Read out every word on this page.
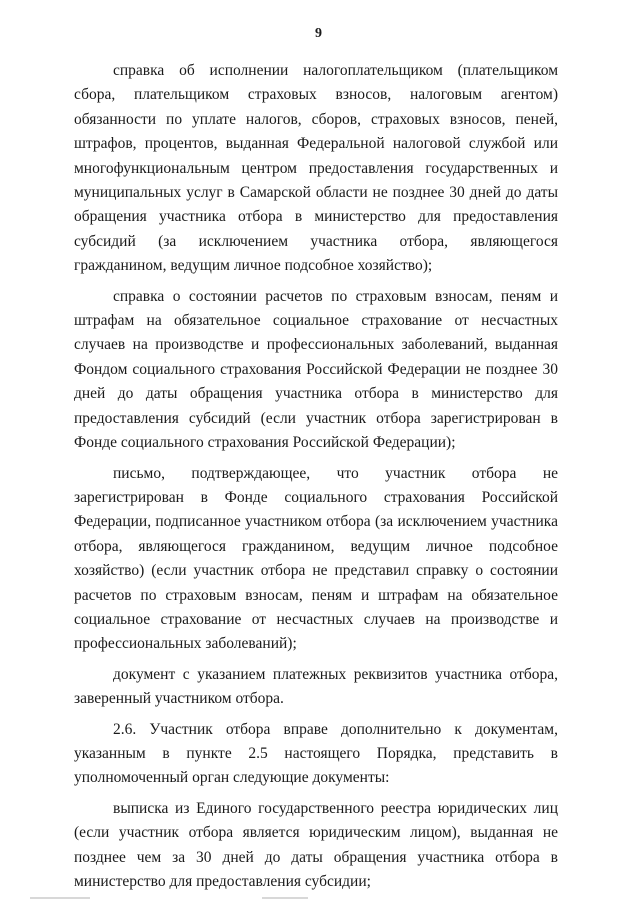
9

справка об исполнении налогоплательщиком (плательщиком сбора, плательщиком страховых взносов, налоговым агентом) обязанности по уплате налогов, сборов, страховых взносов, пеней, штрафов, процентов, выданная Федеральной налоговой службой или многофункциональным центром предоставления государственных и муниципальных услуг в Самарской области не позднее 30 дней до даты обращения участника отбора в министерство для предоставления субсидий (за исключением участника отбора, являющегося гражданином, ведущим личное подсобное хозяйство);

справка о состоянии расчетов по страховым взносам, пеням и штрафам на обязательное социальное страхование от несчастных случаев на производстве и профессиональных заболеваний, выданная Фондом социального страхования Российской Федерации не позднее 30 дней до даты обращения участника отбора в министерство для предоставления субсидий (если участник отбора зарегистрирован в Фонде социального страхования Российской Федерации);

письмо, подтверждающее, что участник отбора не зарегистрирован в Фонде социального страхования Российской Федерации, подписанное участником отбора (за исключением участника отбора, являющегося гражданином, ведущим личное подсобное хозяйство) (если участник отбора не представил справку о состоянии расчетов по страховым взносам, пеням и штрафам на обязательное социальное страхование от несчастных случаев на производстве и профессиональных заболеваний);

документ с указанием платежных реквизитов участника отбора, заверенный участником отбора.

2.6. Участник отбора вправе дополнительно к документам, указанным в пункте 2.5 настоящего Порядка, представить в уполномоченный орган следующие документы:

выписка из Единого государственного реестра юридических лиц (если участник отбора является юридическим лицом), выданная не позднее чем за 30 дней до даты обращения участника отбора в министерство для предоставления субсидии;
